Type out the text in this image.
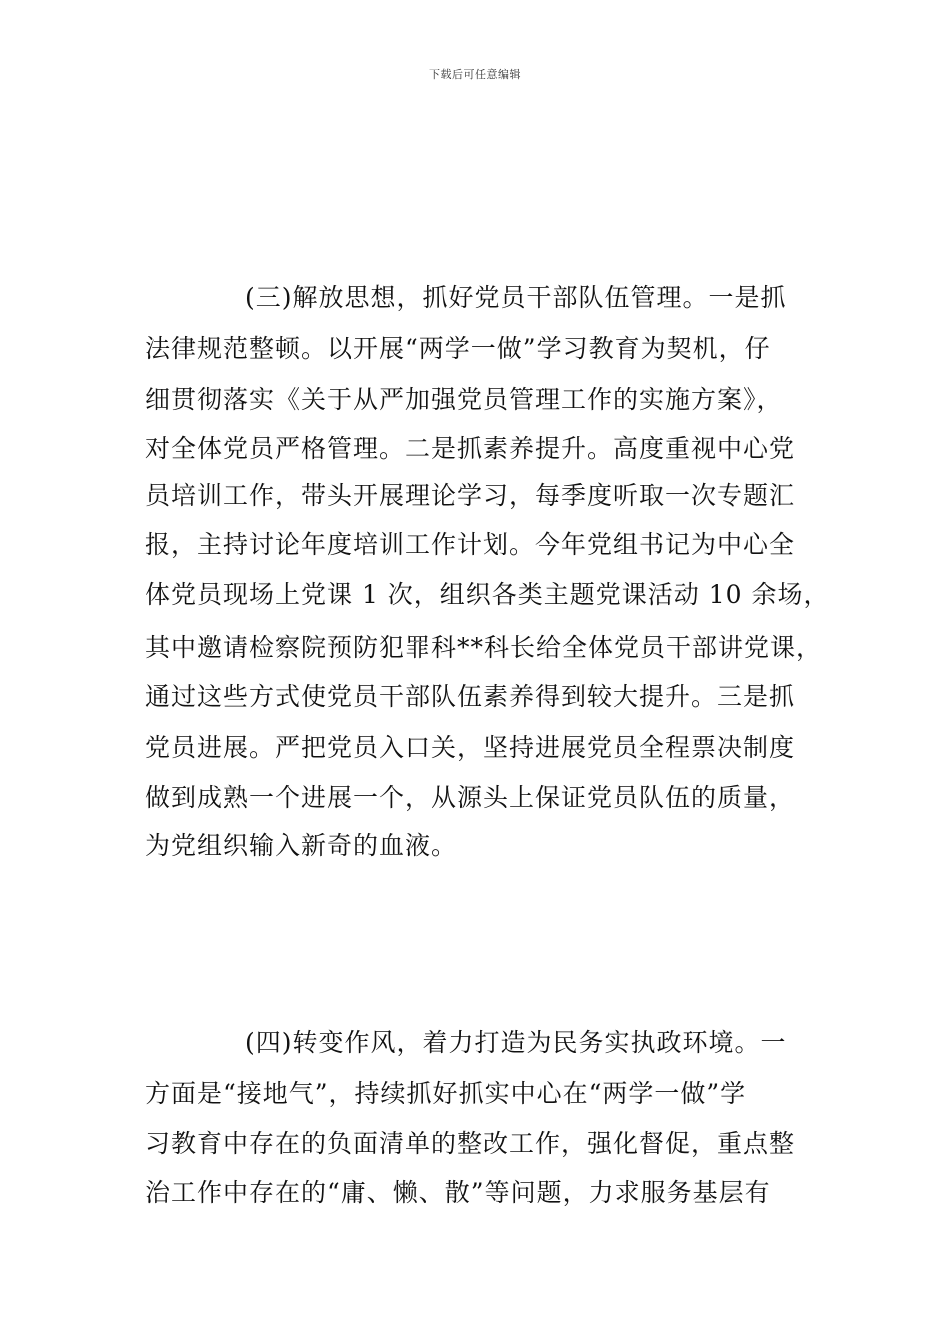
下载后可任意编辑
(三)解放思想，抓好党员干部队伍管理。一是抓
法律规范整顿。以开展“两学一做”学习教育为契机，仔
细贯彻落实《关于从严加强党员管理工作的实施方案》，
对全体党员严格管理。二是抓素养提升。高度重视中心党
员培训工作，带头开展理论学习，每季度听取一次专题汇
报，主持讨论年度培训工作计划。今年党组书记为中心全
体党员现场上党课 1 次，组织各类主题党课活动 10 余场，
其中邀请检察院预防犯罪科**科长给全体党员干部讲党课，
通过这些方式使党员干部队伍素养得到较大提升。三是抓
党员进展。严把党员入口关，坚持进展党员全程票决制度
做到成熟一个进展一个，从源头上保证党员队伍的质量，
为党组织输入新奇的血液。
(四)转变作风，着力打造为民务实执政环境。一
方面是“接地气”，持续抓好抓实中心在“两学一做”学
习教育中存在的负面清单的整改工作，强化督促，重点整
治工作中存在的“庸、懒、散”等问题，力求服务基层有
